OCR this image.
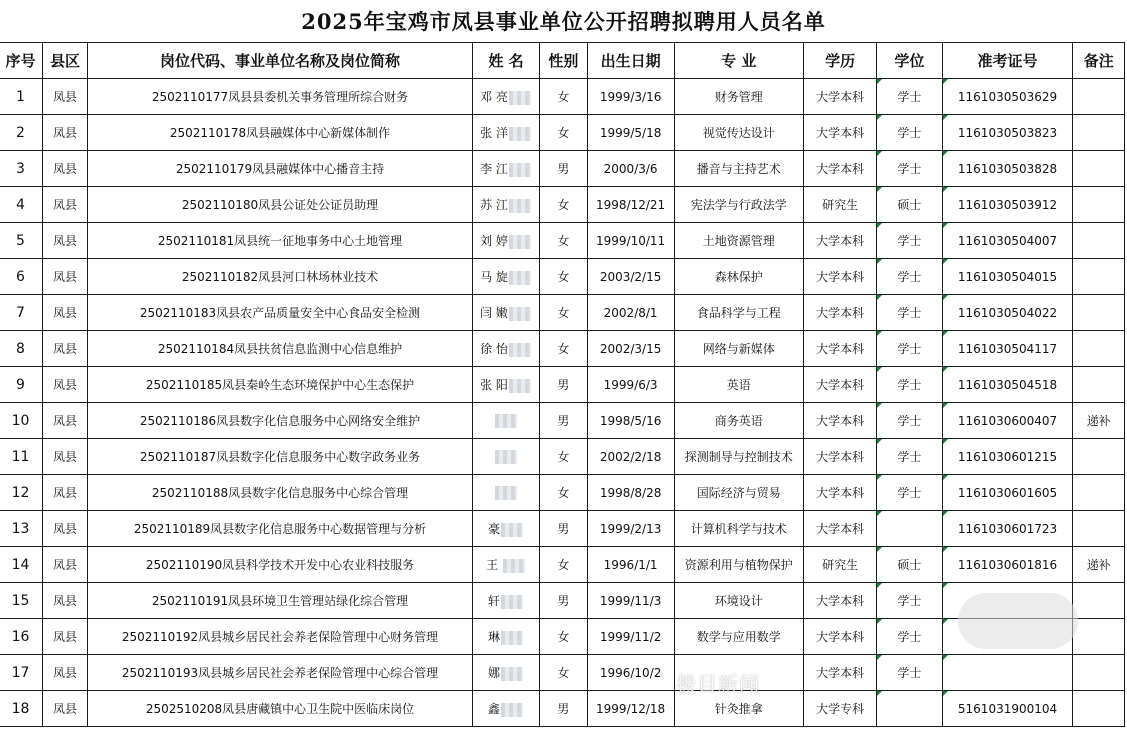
2025年宝鸡市凤县事业单位公开招聘拟聘用人员名单
序号	县区	岗位代码、事业单位名称及岗位简称	姓 名	性别	出生日期	专 业	学历	学位	准考证号	备注
1	凤县	2502110177凤县县委机关事务管理所综合财务	邓 亮	女	1999/3/16	财务管理	大学本科	学士	1161030503629	
2	凤县	2502110178凤县融媒体中心新媒体制作	张 洋	女	1999/5/18	视觉传达设计	大学本科	学士	1161030503823	
3	凤县	2502110179凤县融媒体中心播音主持	李 江	男	2000/3/6	播音与主持艺术	大学本科	学士	1161030503828	
4	凤县	2502110180凤县公证处公证员助理	苏 江	女	1998/12/21	宪法学与行政法学	研究生	硕士	1161030503912	
5	凤县	2502110181凤县统一征地事务中心土地管理	刘 婷	女	1999/10/11	土地资源管理	大学本科	学士	1161030504007	
6	凤县	2502110182凤县河口林场林业技术	马 旋	女	2003/2/15	森林保护	大学本科	学士	1161030504015	
7	凤县	2502110183凤县农产品质量安全中心食品安全检测	闫 嫩	女	2002/8/1	食品科学与工程	大学本科	学士	1161030504022	
8	凤县	2502110184凤县扶贫信息监测中心信息维护	徐 怡	女	2002/3/15	网络与新媒体	大学本科	学士	1161030504117	
9	凤县	2502110185凤县秦岭生态环境保护中心生态保护	张 阳	男	1999/6/3	英语	大学本科	学士	1161030504518	
10	凤县	2502110186凤县数字化信息服务中心网络安全维护		男	1998/5/16	商务英语	大学本科	学士	1161030600407	递补
11	凤县	2502110187凤县数字化信息服务中心数字政务业务		女	2002/2/18	探测制导与控制技术	大学本科	学士	1161030601215	
12	凤县	2502110188凤县数字化信息服务中心综合管理		女	1998/8/28	国际经济与贸易	大学本科	学士	1161030601605	
13	凤县	2502110189凤县数字化信息服务中心数据管理与分析	豪	男	1999/2/13	计算机科学与技术	大学本科		1161030601723	
14	凤县	2502110190凤县科学技术开发中心农业科技服务	王	女	1996/1/1	资源利用与植物保护	研究生	硕士	1161030601816	递补
15	凤县	2502110191凤县环境卫生管理站绿化综合管理	轩	男	1999/11/3	环境设计	大学本科	学士		
16	凤县	2502110192凤县城乡居民社会养老保险管理中心财务管理	琳	女	1999/11/2	数学与应用数学	大学本科	学士		
17	凤县	2502110193凤县城乡居民社会养老保险管理中心综合管理	娜	女	1996/10/2		大学本科	学士		
18	凤县	2502510208凤县唐藏镇中心卫生院中医临床岗位	鑫	男	1999/12/18	针灸推拿	大学专科		5161031900104	
极目新闻
